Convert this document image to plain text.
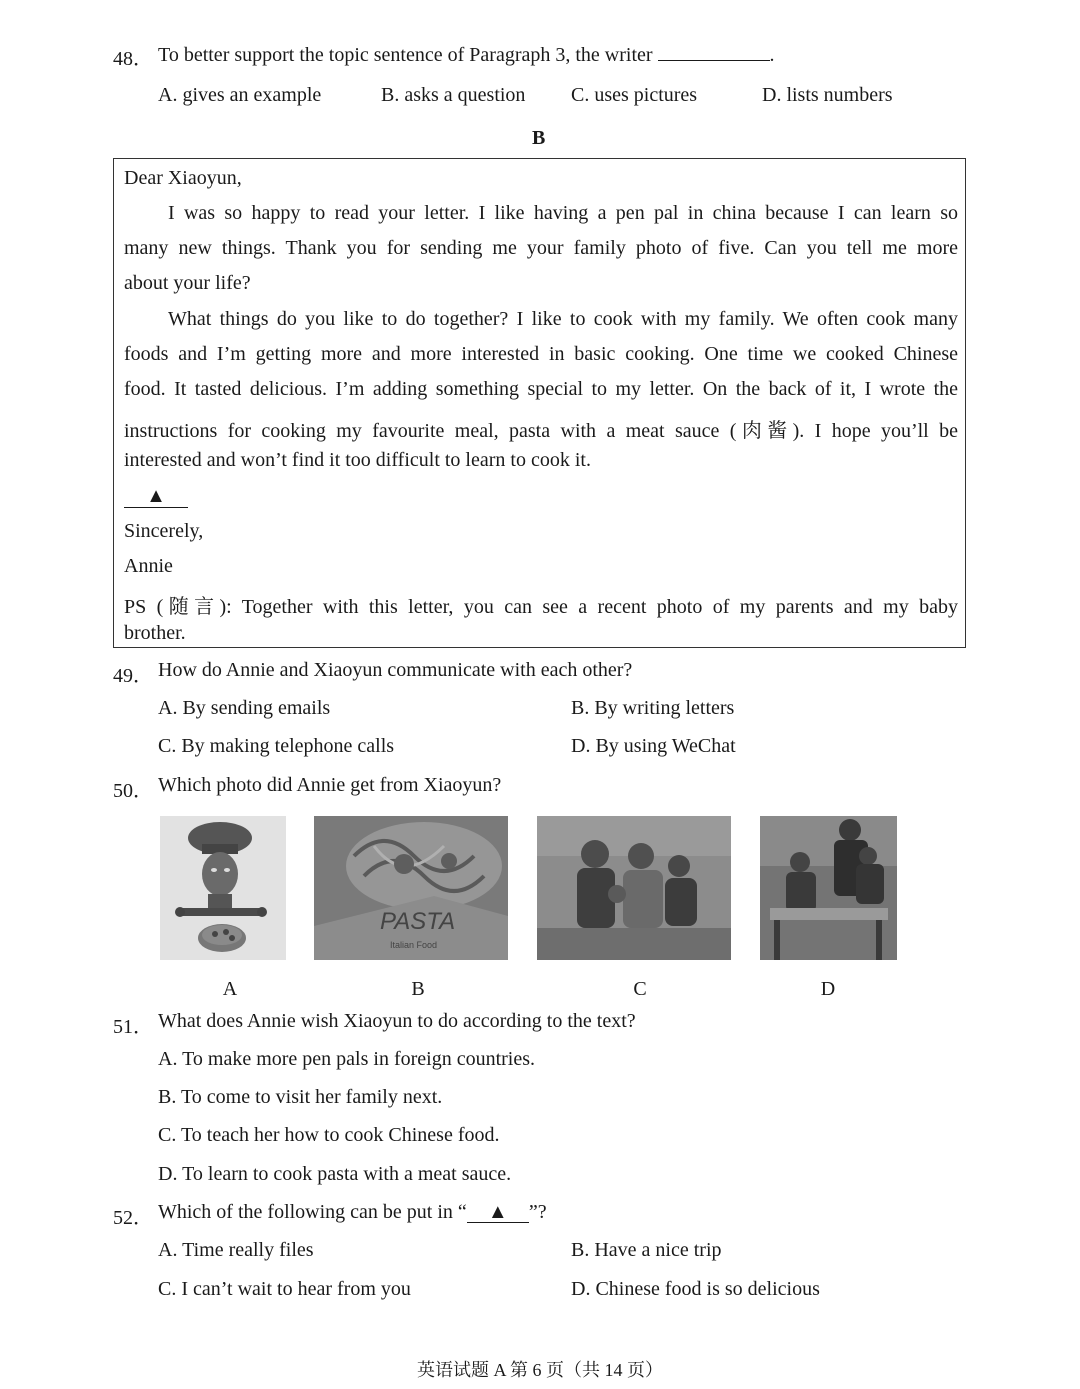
48． To better support the topic sentence of Paragraph 3, the writer	.
A. gives an example	B. asks a question C. uses pictures	D. lists numbers
B
Dear Xiaoyun,
I was so happy to read your letter. I like having a pen pal in china because I can learn so
many new things. Thank you for sending me your family photo of five. Can you tell me more
about your life?
What things do you like to do together? I like to cook with my family. We often cook many
foods and I’m getting more and more interested in basic cooking. One time we cooked Chinese
food. It tasted delicious. I’m adding something special to my letter. On the back of it, I wrote the
instructions for cooking my favourite meal, pasta with a meat sauce (肉酱). I hope you’ll be
interested and won’t find it too difficult to learn to cook it.
▲
Sincerely,
Annie
PS (随言): Together with this letter, you can see a recent photo of my parents and my baby
brother.
49． How do Annie and Xiaoyun communicate with each other?
A. By sending emails	B. By writing letters
C. By making telephone calls	D. By using WeChat
50． Which photo did Annie get from Xiaoyun?
PASTA
Italian Food
A	B	C	D
51． What does Annie wish Xiaoyun to do according to the text?
A. To make more pen pals in foreign countries.
B. To come to visit her family next.
C. To teach her how to cook Chinese food.
D. To learn to cook pasta with a meat sauce.
52． Which of the following can be put in “ ▲ ”?
A. Time really files	B. Have a nice trip
C. I can’t wait to hear from you	D. Chinese food is so delicious
英语试题 A 第 6 页（共 14 页）
